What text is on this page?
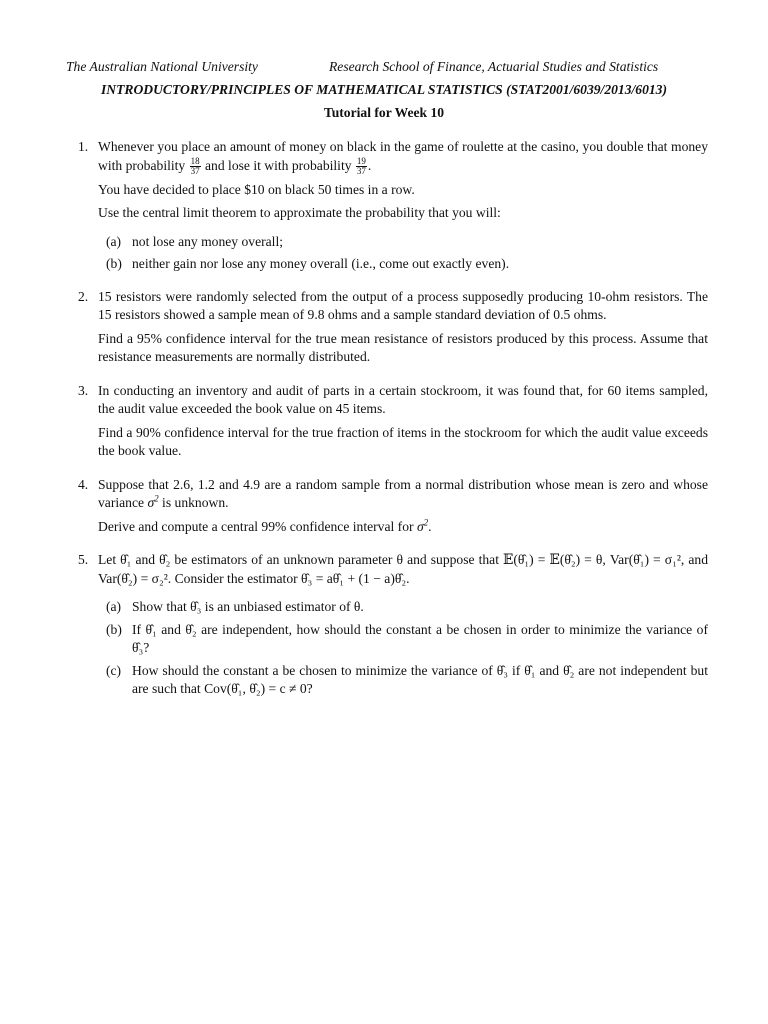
The Australian National University	Research School of Finance, Actuarial Studies and Statistics
INTRODUCTORY/PRINCIPLES OF MATHEMATICAL STATISTICS (STAT2001/6039/2013/6013)
Tutorial for Week 10
1. Whenever you place an amount of money on black in the game of roulette at the casino, you double that money with probability $\frac{18}{37}$ and lose it with probability $\frac{19}{37}$ .

You have decided to place $10 on black 50 times in a row.

Use the central limit theorem to approximate the probability that you will:

(a) not lose any money overall;
(b) neither gain nor lose any money overall (i.e., come out exactly even).
2. 15 resistors were randomly selected from the output of a process supposedly producing 10-ohm resistors. The 15 resistors showed a sample mean of 9.8 ohms and a sample standard deviation of 0.5 ohms.

Find a 95% confidence interval for the true mean resistance of resistors produced by this process. Assume that resistance measurements are normally distributed.

3. In conducting an inventory and audit of parts in a certain stockroom, it was found that, for 60 items sampled, the audit value exceeded the book value on 45 items.

Find a 90% confidence interval for the true fraction of items in the stockroom for which the audit value exceeds the book value.

4. Suppose that 2.6, 1.2 and 4.9 are a random sample from a normal distribution whose mean is zero and whose variance $\sigma^2$ is unknown.

Derive and compute a central 99% confidence interval for $\sigma^2$.

5. Let θ̂₁ and θ̂₂ be estimators of an unknown parameter θ and suppose that 𝔼(θ̂₁) = 𝔼(θ̂₂) = θ, Var(θ̂₁) = σ₁², and Var(θ̂₂) = σ₂². Consider the estimator θ̂₃ = aθ̂₁ + (1 − a)θ̂₂.

(a) Show that θ̂₃ is an unbiased estimator of θ.
(b) If θ̂₁ and θ̂₂ are independent, how should the constant a be chosen in order to minimize the variance of θ̂₃?
(c) How should the constant a be chosen to minimize the variance of θ̂₃ if θ̂₁ and θ̂₂ are not independent but are such that Cov(θ̂₁, θ̂₂) = c ≠ 0?
